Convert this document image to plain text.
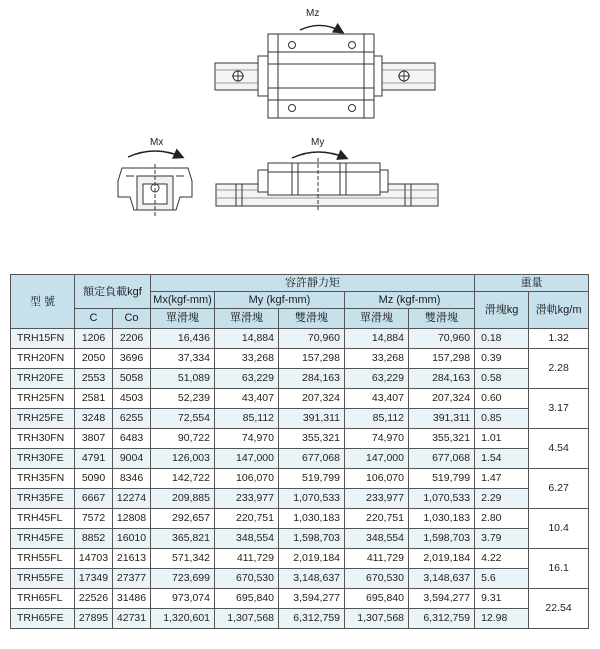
Mz
Mx	My
型 號	額定負載kgf		容許靜力矩					重量	
			Mx(kgf-mm)	My (kgf-mm)		Mz (kgf-mm)		滑塊kg	滑軌kg/m
	C	Co	單滑塊	單滑塊	雙滑塊	單滑塊	雙滑塊		
TRH15FN	1206	2206	16,436	14,884	70,960	14,884	70,960	0.18	1.32
TRH20FN	2050	3696	37,334	33,268	157,298	33,268	157,298	0.39	2.28
TRH20FE	2553	5058	51,089	63,229	284,163	63,229	284,163	0.58	
TRH25FN	2581	4503	52,239	43,407	207,324	43,407	207,324	0.60	3.17
TRH25FE	3248	6255	72,554	85,112	391,311	85,112	391,311	0.85	
TRH30FN	3807	6483	90,722	74,970	355,321	74,970	355,321	1.01	4.54
TRH30FE	4791	9004	126,003	147,000	677,068	147,000	677,068	1.54	
TRH35FN	5090	8346	142,722	106,070	519,799	106,070	519,799	1.47	6.27
TRH35FE	6667	12274	209,885	233,977	1,070,533	233,977	1,070,533	2.29	
TRH45FL	7572	12808	292,657	220,751	1,030,183	220,751	1,030,183	2.80	10.4
TRH45FE	8852	16010	365,821	348,554	1,598,703	348,554	1,598,703	3.79	
TRH55FL	14703	21613	571,342	411,729	2,019,184	411,729	2,019,184	4.22	16.1
TRH55FE	17349	27377	723,699	670,530	3,148,637	670,530	3,148,637	5.6	
TRH65FL	22526	31486	973,074	695,840	3,594,277	695,840	3,594,277	9.31	22.54
TRH65FE	27895	42731	1,320,601	1,307,568	6,312,759	1,307,568	6,312,759	12.98	
